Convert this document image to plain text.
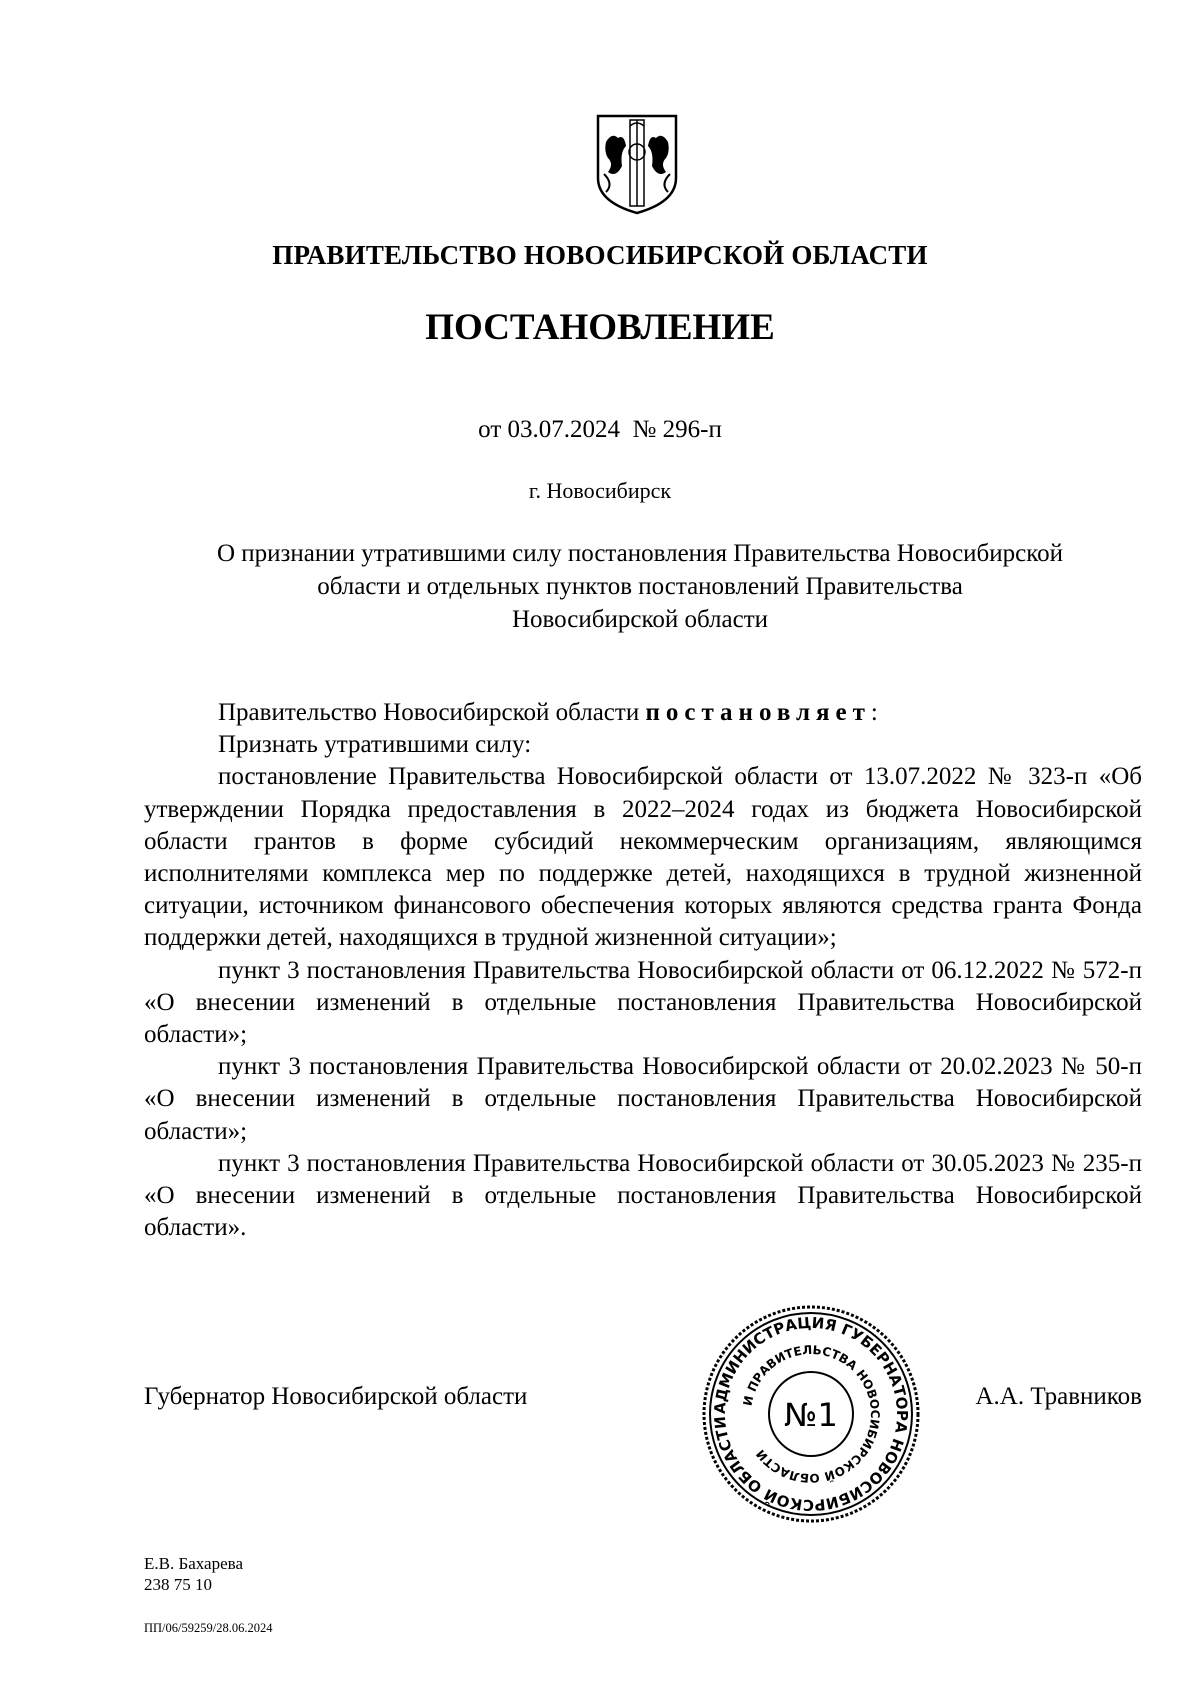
ПРАВИТЕЛЬСТВО НОВОСИБИРСКОЙ ОБЛАСТИ
ПОСТАНОВЛЕНИЕ
от 03.07.2024  № 296-п
г. Новосибирск
О признании утратившими силу постановления Правительства Новосибирской
области и отдельных пунктов постановлений Правительства
Новосибирской области

Правительство Новосибирской области постановляет:

Признать утратившими силу:

постановление Правительства Новосибирской области от 13.07.2022 № 323-п «Об утверждении Порядка предоставления в 2022–2024 годах из бюджета Новосибирской области грантов в форме субсидий некоммерческим организациям, являющимся исполнителями комплекса мер по поддержке детей, находящихся в трудной жизненной ситуации, источником финансового обеспечения которых являются средства гранта Фонда поддержки детей, находящихся в трудной жизненной ситуации»;

пункт 3 постановления Правительства Новосибирской области от 06.12.2022 № 572-п «О внесении изменений в отдельные постановления Правительства Новосибирской области»;

пункт 3 постановления Правительства Новосибирской области от 20.02.2023 № 50-п «О внесении изменений в отдельные постановления Правительства Новосибирской области»;

пункт 3 постановления Правительства Новосибирской области от 30.05.2023 № 235-п «О внесении изменений в отдельные постановления Правительства Новосибирской области».

Губернатор Новосибирской области	АДМИНИСТРАЦИЯ ГУБЕРНАТОРА НОВОСИБИРСКОЙ ОБЛАСТИ
И ПРАВИТЕЛЬСТВА НОВОСИБИРСКОЙ ОБЛАСТИ
№1	А.А. Травников
Е.В. Бахарева
238 75 10
ПП/06/59259/28.06.2024
